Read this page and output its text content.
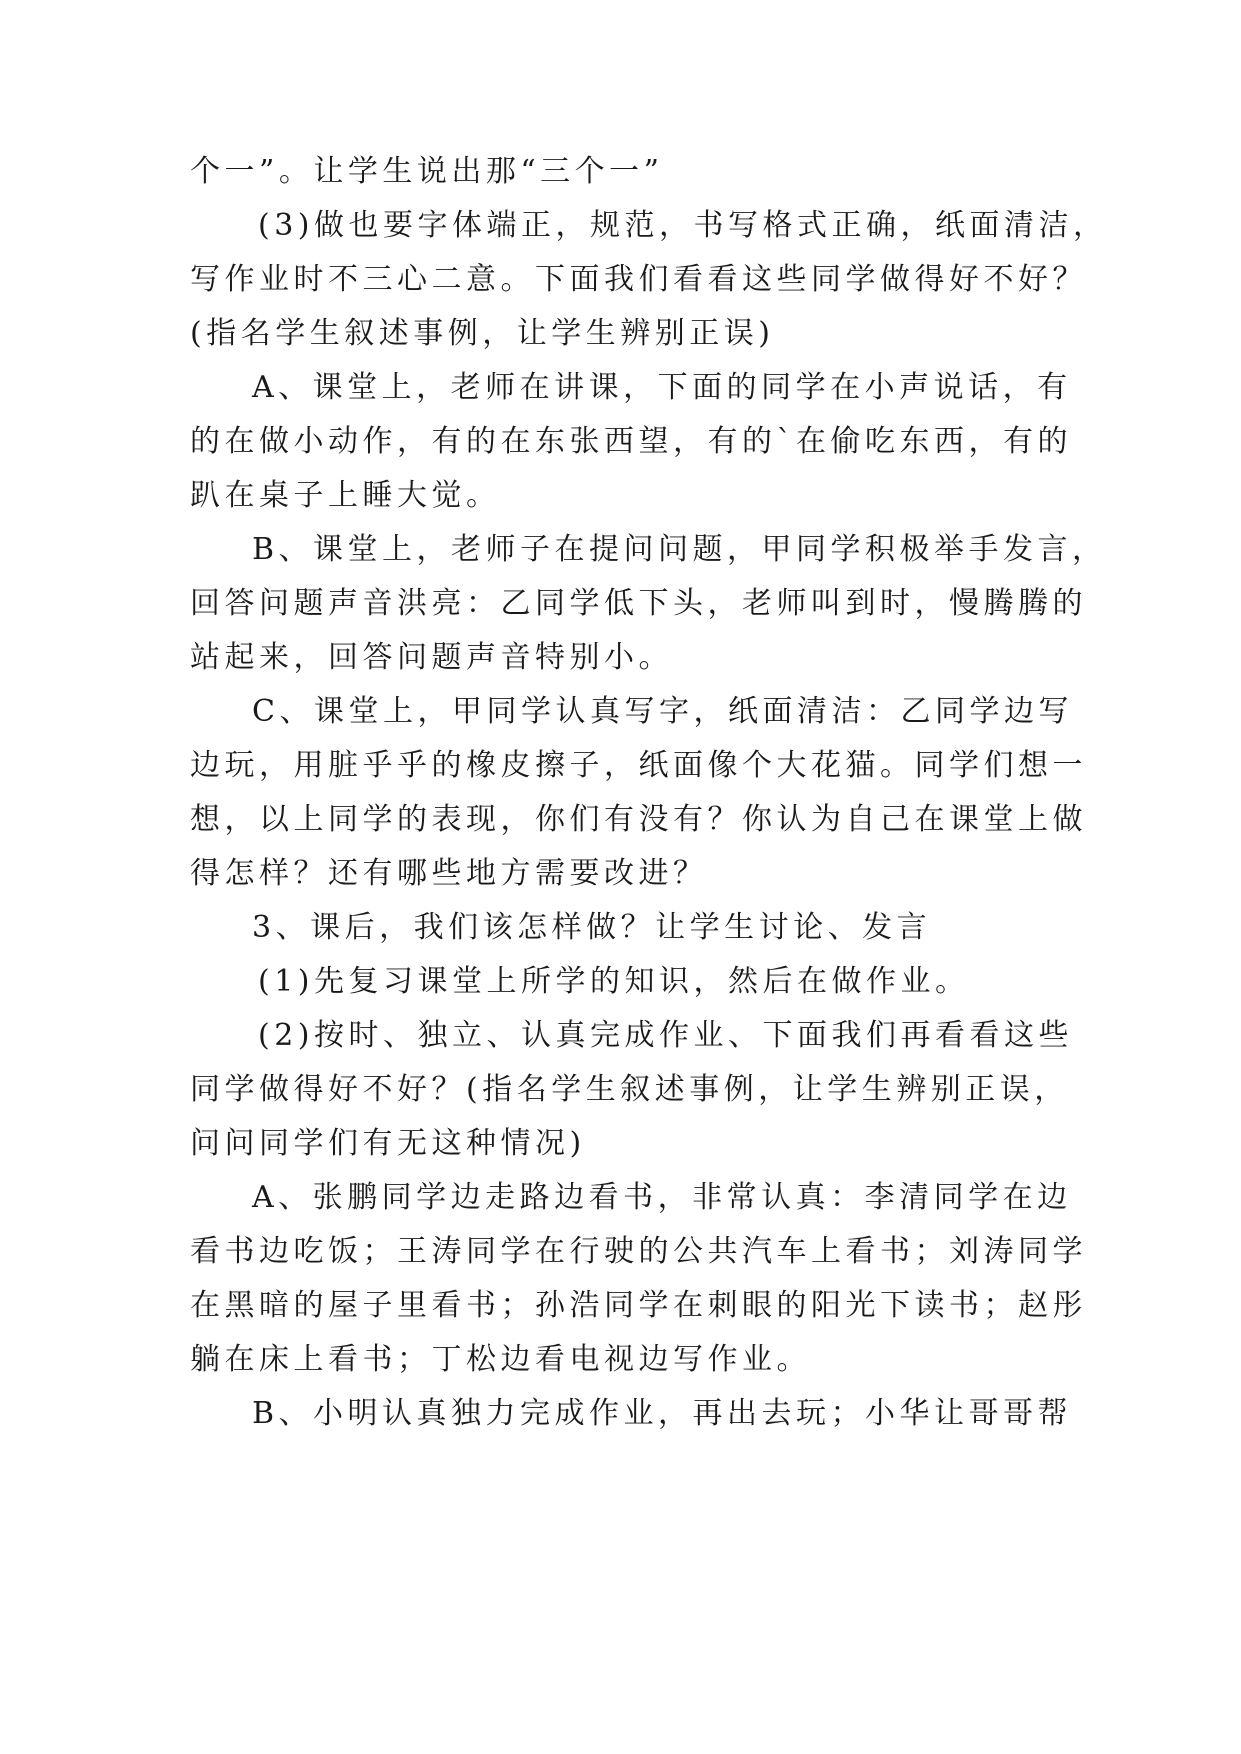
个一”。让学生说出那“三个一”
(3)做也要字体端正，规范，书写格式正确，纸面清洁，
写作业时不三心二意。下面我们看看这些同学做得好不好？
(指名学生叙述事例，让学生辨别正误)
A、课堂上，老师在讲课，下面的同学在小声说话，有
的在做小动作，有的在东张西望，有的`在偷吃东西，有的
趴在桌子上睡大觉。
B、课堂上，老师子在提问问题，甲同学积极举手发言，
回答问题声音洪亮：乙同学低下头，老师叫到时，慢腾腾的
站起来，回答问题声音特别小。
C、课堂上，甲同学认真写字，纸面清洁：乙同学边写
边玩，用脏乎乎的橡皮擦子，纸面像个大花猫。同学们想一
想，以上同学的表现，你们有没有？你认为自己在课堂上做
得怎样？还有哪些地方需要改进？
3、课后，我们该怎样做？让学生讨论、发言
(1)先复习课堂上所学的知识，然后在做作业。
(2)按时、独立、认真完成作业、下面我们再看看这些
同学做得好不好？(指名学生叙述事例，让学生辨别正误，
问问同学们有无这种情况)
A、张鹏同学边走路边看书，非常认真：李清同学在边
看书边吃饭；王涛同学在行驶的公共汽车上看书；刘涛同学
在黑暗的屋子里看书；孙浩同学在刺眼的阳光下读书；赵彤
躺在床上看书；丁松边看电视边写作业。
B、小明认真独力完成作业，再出去玩；小华让哥哥帮
